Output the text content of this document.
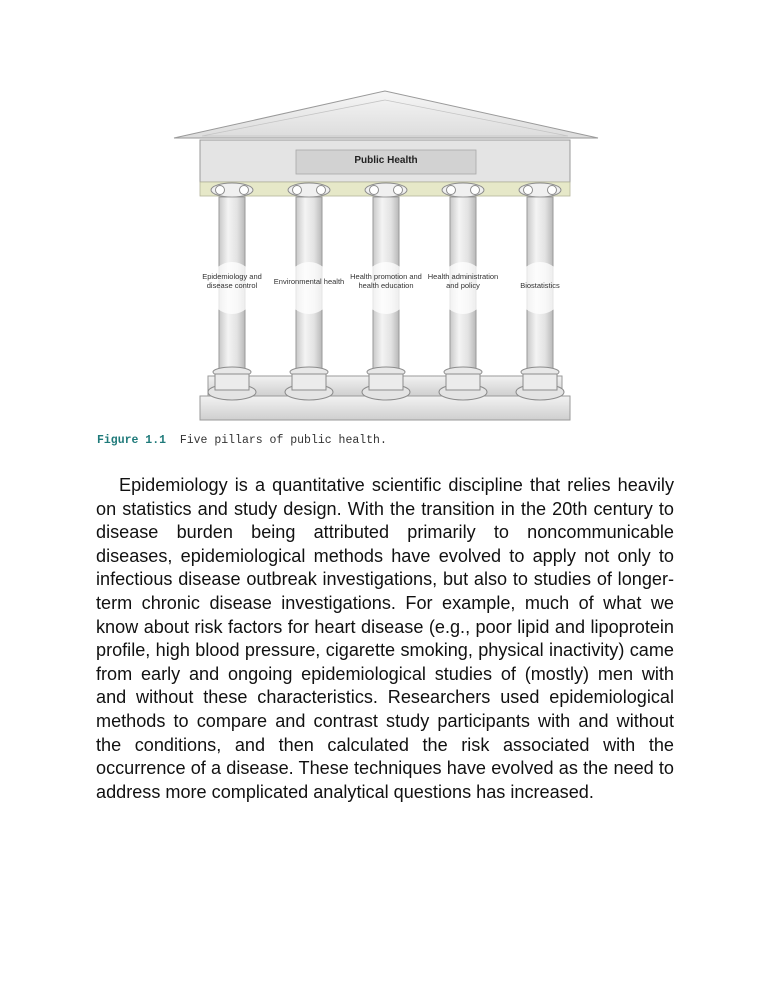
Public Health
Epidemiology and disease control
Environmental health
Health promotion and health education
Health administration and policy	Biostatistics
Figure 1.1 Five pillars of public health.

Epidemiology is a quantitative scientific discipline that relies heavily on statistics and study design. With the transition in the 20th century to disease burden being attributed primarily to noncommunicable diseases, epidemiological methods have evolved to apply not only to infectious disease outbreak investigations, but also to studies of longer-term chronic disease investigations. For example, much of what we know about risk factors for heart disease (e.g., poor lipid and lipoprotein profile, high blood pressure, cigarette smoking, physical inactivity) came from early and ongoing epidemiological studies of (mostly) men with and without these characteristics. Researchers used epidemiological methods to compare and contrast study participants with and without the conditions, and then calculated the risk associated with the occurrence of a disease. These techniques have evolved as the need to address more complicated analytical questions has increased.
